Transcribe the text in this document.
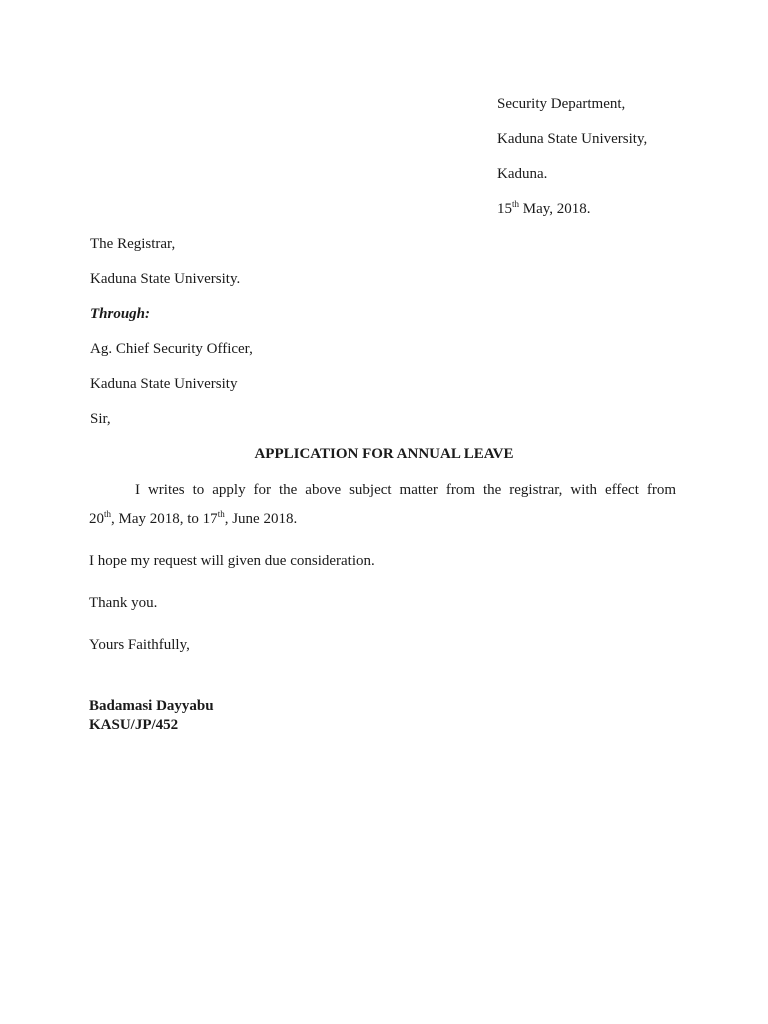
Security Department,
Kaduna State University,
Kaduna.
15th May, 2018.
The Registrar,
Kaduna State University.
Through:
Ag. Chief Security Officer,
Kaduna State University
Sir,
APPLICATION FOR ANNUAL LEAVE
I writes to apply for the above subject matter from the registrar, with effect from
20th, May 2018, to 17th, June 2018.
I hope my request will given due consideration.
Thank you.
Yours Faithfully,
Badamasi Dayyabu
KASU/JP/452
